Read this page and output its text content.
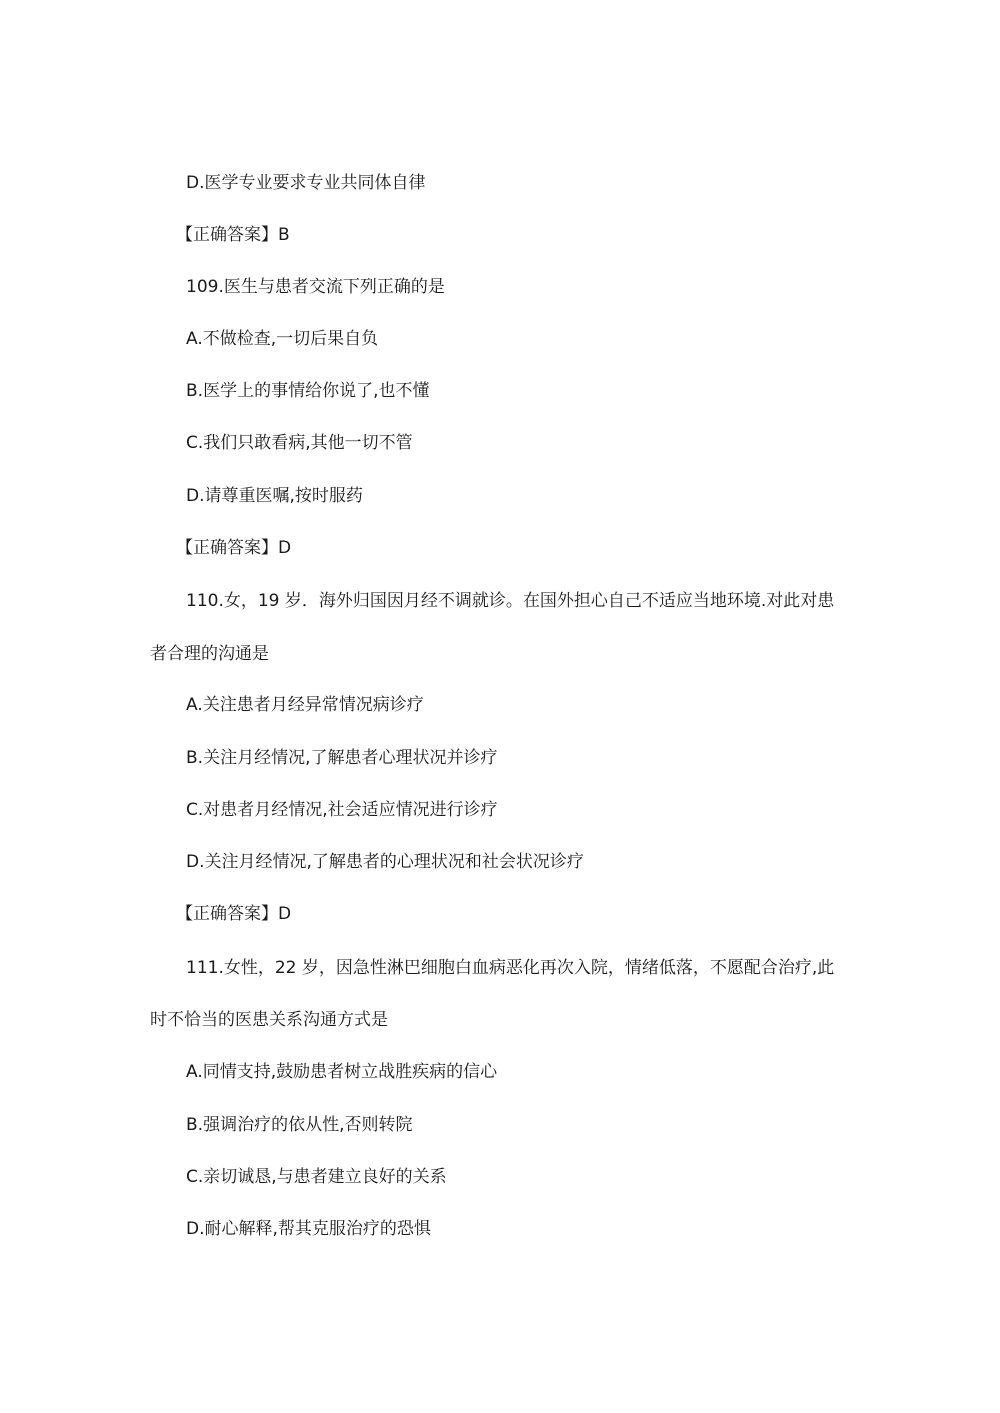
D.医学专业要求专业共同体自律
【正确答案】B
109.医生与患者交流下列正确的是
A.不做检查,一切后果自负
B.医学上的事情给你说了,也不懂
C.我们只敢看病,其他一切不管
D.请尊重医嘱,按时服药
【正确答案】D
110.女，19 岁．海外归国因月经不调就诊。在国外担心自己不适应当地环境.对此对患
者合理的沟通是
A.关注患者月经异常情况病诊疗
B.关注月经情况,了解患者心理状况并诊疗
C.对患者月经情况,社会适应情况进行诊疗
D.关注月经情况,了解患者的心理状况和社会状况诊疗
【正确答案】D
111.女性，22 岁，因急性淋巴细胞白血病恶化再次入院，情绪低落，不愿配合治疗,此
时不恰当的医患关系沟通方式是
A.同情支持,鼓励患者树立战胜疾病的信心
B.强调治疗的依从性,否则转院
C.亲切诚恳,与患者建立良好的关系
D.耐心解释,帮其克服治疗的恐惧
